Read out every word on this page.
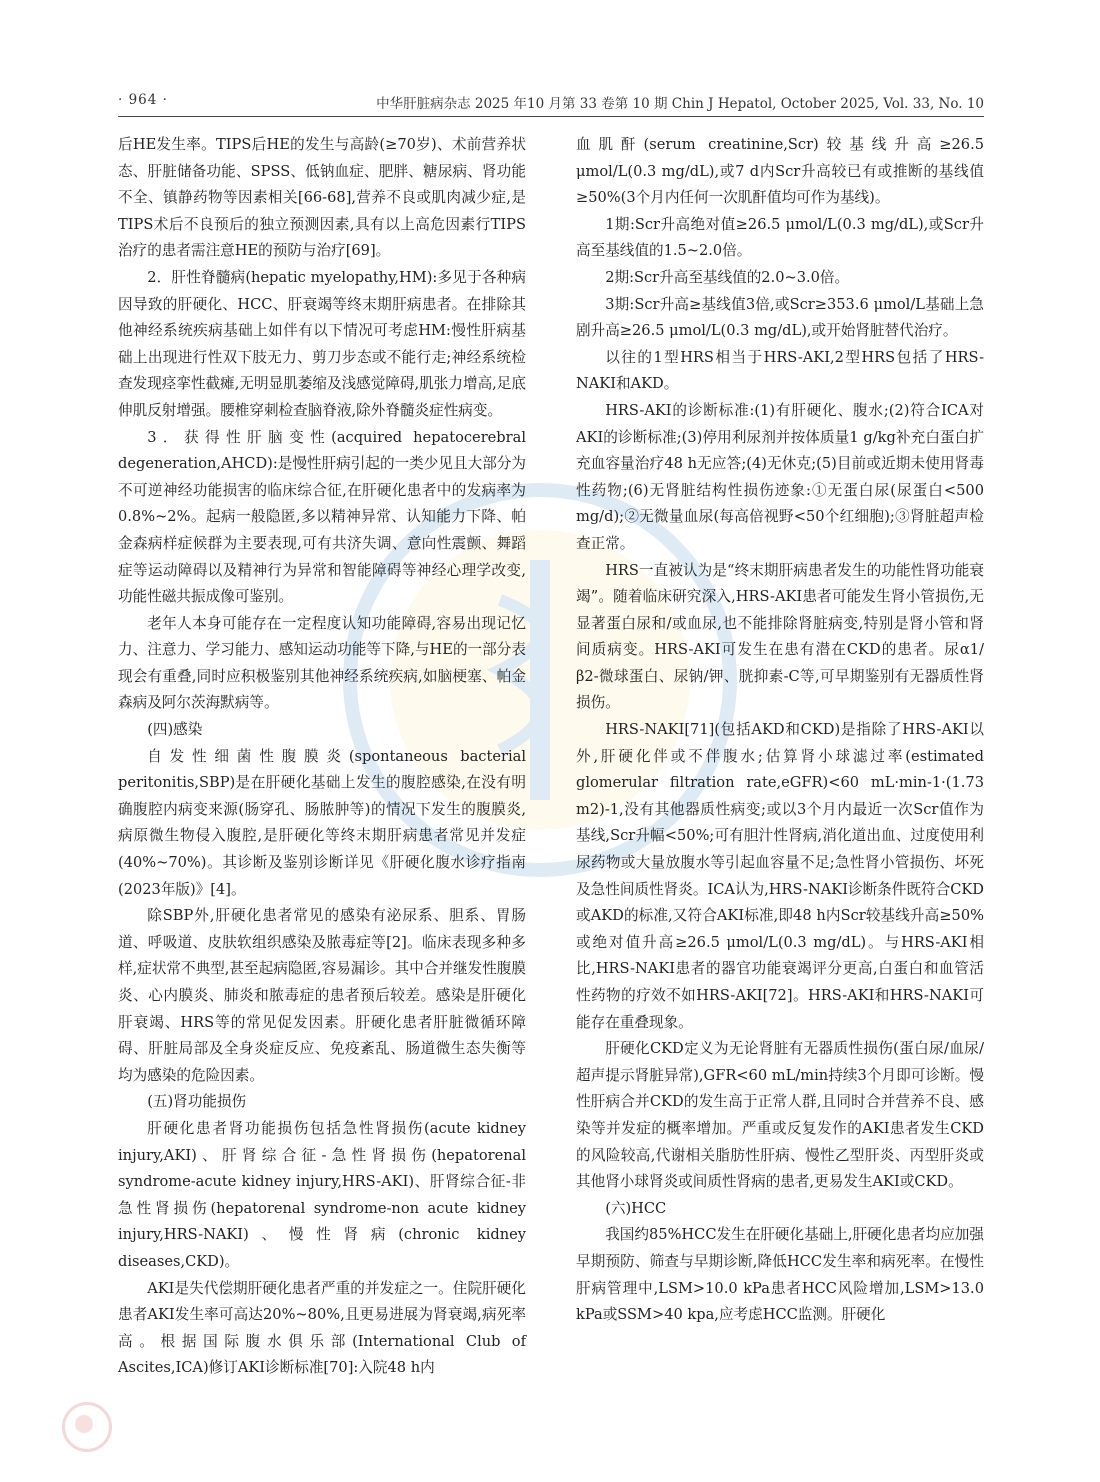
· 964 ·	中华肝脏病杂志 2025 年10 月第 33 卷第 10 期 Chin J Hepatol, October 2025, Vol. 33, No. 10

后HE发生率。TIPS后HE的发生与高龄(≥70岁)、术前营养状态、肝脏储备功能、SPSS、低钠血症、肥胖、糖尿病、肾功能不全、镇静药物等因素相关[66-68],营养不良或肌肉减少症,是TIPS术后不良预后的独立预测因素,具有以上高危因素行TIPS治疗的患者需注意HE的预防与治疗[69]。

2．肝性脊髓病(hepatic myelopathy,HM):多见于各种病因导致的肝硬化、HCC、肝衰竭等终末期肝病患者。在排除其他神经系统疾病基础上如伴有以下情况可考虑HM:慢性肝病基础上出现进行性双下肢无力、剪刀步态或不能行走;神经系统检查发现痉挛性截瘫,无明显肌萎缩及浅感觉障碍,肌张力增高,足底伸肌反射增强。腰椎穿刺检查脑脊液,除外脊髓炎症性病变。

3．获得性肝脑变性(acquired hepatocerebral degeneration,AHCD):是慢性肝病引起的一类少见且大部分为不可逆神经功能损害的临床综合征,在肝硬化患者中的发病率为0.8%~2%。起病一般隐匿,多以精神异常、认知能力下降、帕金森病样症候群为主要表现,可有共济失调、意向性震颤、舞蹈症等运动障碍以及精神行为异常和智能障碍等神经心理学改变,功能性磁共振成像可鉴别。

老年人本身可能存在一定程度认知功能障碍,容易出现记忆力、注意力、学习能力、感知运动功能等下降,与HE的一部分表现会有重叠,同时应积极鉴别其他神经系统疾病,如脑梗塞、帕金森病及阿尔茨海默病等。

(四)感染

自发性细菌性腹膜炎(spontaneous bacterial peritonitis,SBP)是在肝硬化基础上发生的腹腔感染,在没有明确腹腔内病变来源(肠穿孔、肠脓肿等)的情况下发生的腹膜炎,病原微生物侵入腹腔,是肝硬化等终末期肝病患者常见并发症(40%~70%)。其诊断及鉴别诊断详见《肝硬化腹水诊疗指南(2023年版)》[4]。

除SBP外,肝硬化患者常见的感染有泌尿系、胆系、胃肠道、呼吸道、皮肤软组织感染及脓毒症等[2]。临床表现多种多样,症状常不典型,甚至起病隐匿,容易漏诊。其中合并继发性腹膜炎、心内膜炎、肺炎和脓毒症的患者预后较差。感染是肝硬化肝衰竭、HRS等的常见促发因素。肝硬化患者肝脏微循环障碍、肝脏局部及全身炎症反应、免疫紊乱、肠道微生态失衡等均为感染的危险因素。

(五)肾功能损伤

肝硬化患者肾功能损伤包括急性肾损伤(acute kidney injury,AKI)、肝肾综合征-急性肾损伤(hepatorenal syndrome-acute kidney injury,HRS-AKI)、肝肾综合征-非急性肾损伤(hepatorenal syndrome-non acute kidney injury,HRS-NAKI)、慢性肾病(chronic kidney diseases,CKD)。

AKI是失代偿期肝硬化患者严重的并发症之一。住院肝硬化患者AKI发生率可高达20%~80%,且更易进展为肾衰竭,病死率高。根据国际腹水俱乐部(International Club of Ascites,ICA)修订AKI诊断标准[70]:入院48 h内

血肌酐(serum creatinine,Scr)较基线升高≥26.5 μmol/L(0.3 mg/dL),或7 d内Scr升高较已有或推断的基线值≥50%(3个月内任何一次肌酐值均可作为基线)。

1期:Scr升高绝对值≥26.5 μmol/L(0.3 mg/dL),或Scr升高至基线值的1.5~2.0倍。

2期:Scr升高至基线值的2.0~3.0倍。

3期:Scr升高≥基线值3倍,或Scr≥353.6 μmol/L基础上急剧升高≥26.5 μmol/L(0.3 mg/dL),或开始肾脏替代治疗。

以往的1型HRS相当于HRS-AKI,2型HRS包括了HRS-NAKI和AKD。

HRS-AKI的诊断标准:(1)有肝硬化、腹水;(2)符合ICA对AKI的诊断标准;(3)停用利尿剂并按体质量1 g/kg补充白蛋白扩充血容量治疗48 h无应答;(4)无休克;(5)目前或近期未使用肾毒性药物;(6)无肾脏结构性损伤迹象:①无蛋白尿(尿蛋白<500 mg/d);②无微量血尿(每高倍视野<50个红细胞);③肾脏超声检查正常。

HRS一直被认为是“终末期肝病患者发生的功能性肾功能衰竭”。随着临床研究深入,HRS-AKI患者可能发生肾小管损伤,无显著蛋白尿和/或血尿,也不能排除肾脏病变,特别是肾小管和肾间质病变。HRS-AKI可发生在患有潜在CKD的患者。尿α1/β2-微球蛋白、尿钠/钾、胱抑素-C等,可早期鉴别有无器质性肾损伤。

HRS-NAKI[71](包括AKD和CKD)是指除了HRS-AKI以外,肝硬化伴或不伴腹水;估算肾小球滤过率(estimated glomerular filtration rate,eGFR)<60 mL·min-1·(1.73 m2)-1,没有其他器质性病变;或以3个月内最近一次Scr值作为基线,Scr升幅<50%;可有胆汁性肾病,消化道出血、过度使用利尿药物或大量放腹水等引起血容量不足;急性肾小管损伤、坏死及急性间质性肾炎。ICA认为,HRS-NAKI诊断条件既符合CKD或AKD的标准,又符合AKI标准,即48 h内Scr较基线升高≥50%或绝对值升高≥26.5 μmol/L(0.3 mg/dL)。与HRS-AKI相比,HRS-NAKI患者的器官功能衰竭评分更高,白蛋白和血管活性药物的疗效不如HRS-AKI[72]。HRS-AKI和HRS-NAKI可能存在重叠现象。

肝硬化CKD定义为无论肾脏有无器质性损伤(蛋白尿/血尿/超声提示肾脏异常),GFR<60 mL/min持续3个月即可诊断。慢性肝病合并CKD的发生高于正常人群,且同时合并营养不良、感染等并发症的概率增加。严重或反复发作的AKI患者发生CKD的风险较高,代谢相关脂肪性肝病、慢性乙型肝炎、丙型肝炎或其他肾小球肾炎或间质性肾病的患者,更易发生AKI或CKD。

(六)HCC

我国约85%HCC发生在肝硬化基础上,肝硬化患者均应加强早期预防、筛查与早期诊断,降低HCC发生率和病死率。在慢性肝病管理中,LSM>10.0 kPa患者HCC风险增加,LSM>13.0 kPa或SSM>40 kpa,应考虑HCC监测。肝硬化
